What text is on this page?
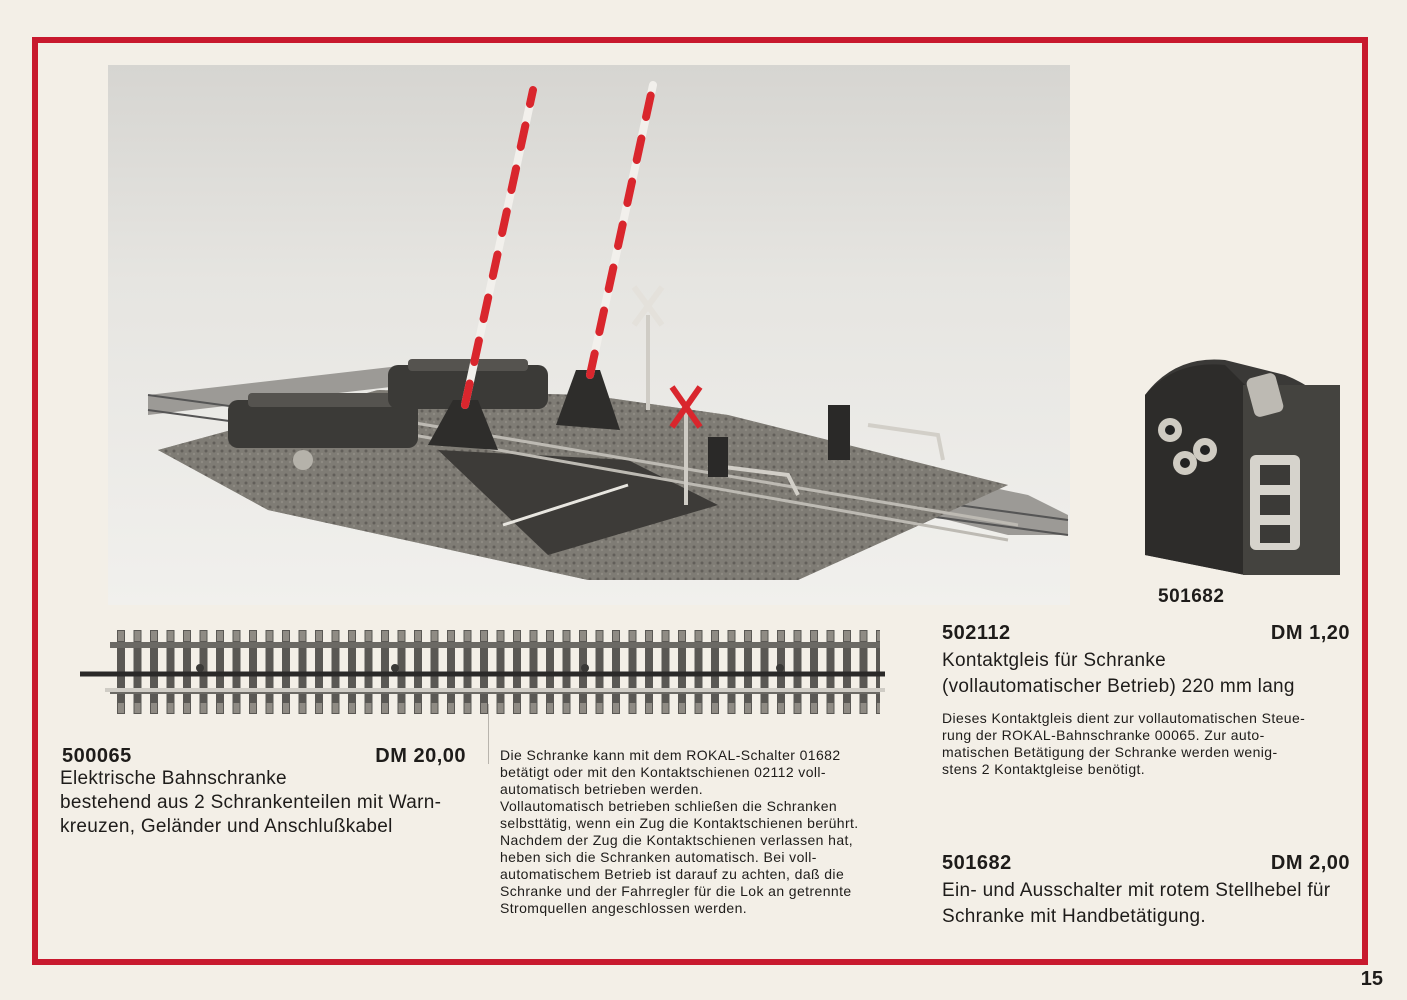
501682
500065	DM 20,00
Elektrische Bahnschranke
bestehend aus 2 Schrankenteilen mit Warn-
kreuzen, Geländer und Anschlußkabel
Die Schranke kann mit dem ROKAL-Schalter 01682
betätigt oder mit den Kontaktschienen 02112 voll-
automatisch betrieben werden.
Vollautomatisch betrieben schließen die Schranken
selbsttätig, wenn ein Zug die Kontaktschienen berührt.
Nachdem der Zug die Kontaktschienen verlassen hat,
heben sich die Schranken automatisch. Bei voll-
automatischem Betrieb ist darauf zu achten, daß die
Schranke und der Fahrregler für die Lok an getrennte
Stromquellen angeschlossen werden.
502112	DM 1,20
Kontaktgleis für Schranke
(vollautomatischer Betrieb) 220 mm lang
Dieses Kontaktgleis dient zur vollautomatischen Steue-
rung der ROKAL-Bahnschranke 00065. Zur auto-
matischen Betätigung der Schranke werden wenig-
stens 2 Kontaktgleise benötigt.
501682	DM 2,00
Ein- und Ausschalter mit rotem Stellhebel für
Schranke mit Handbetätigung.
15
